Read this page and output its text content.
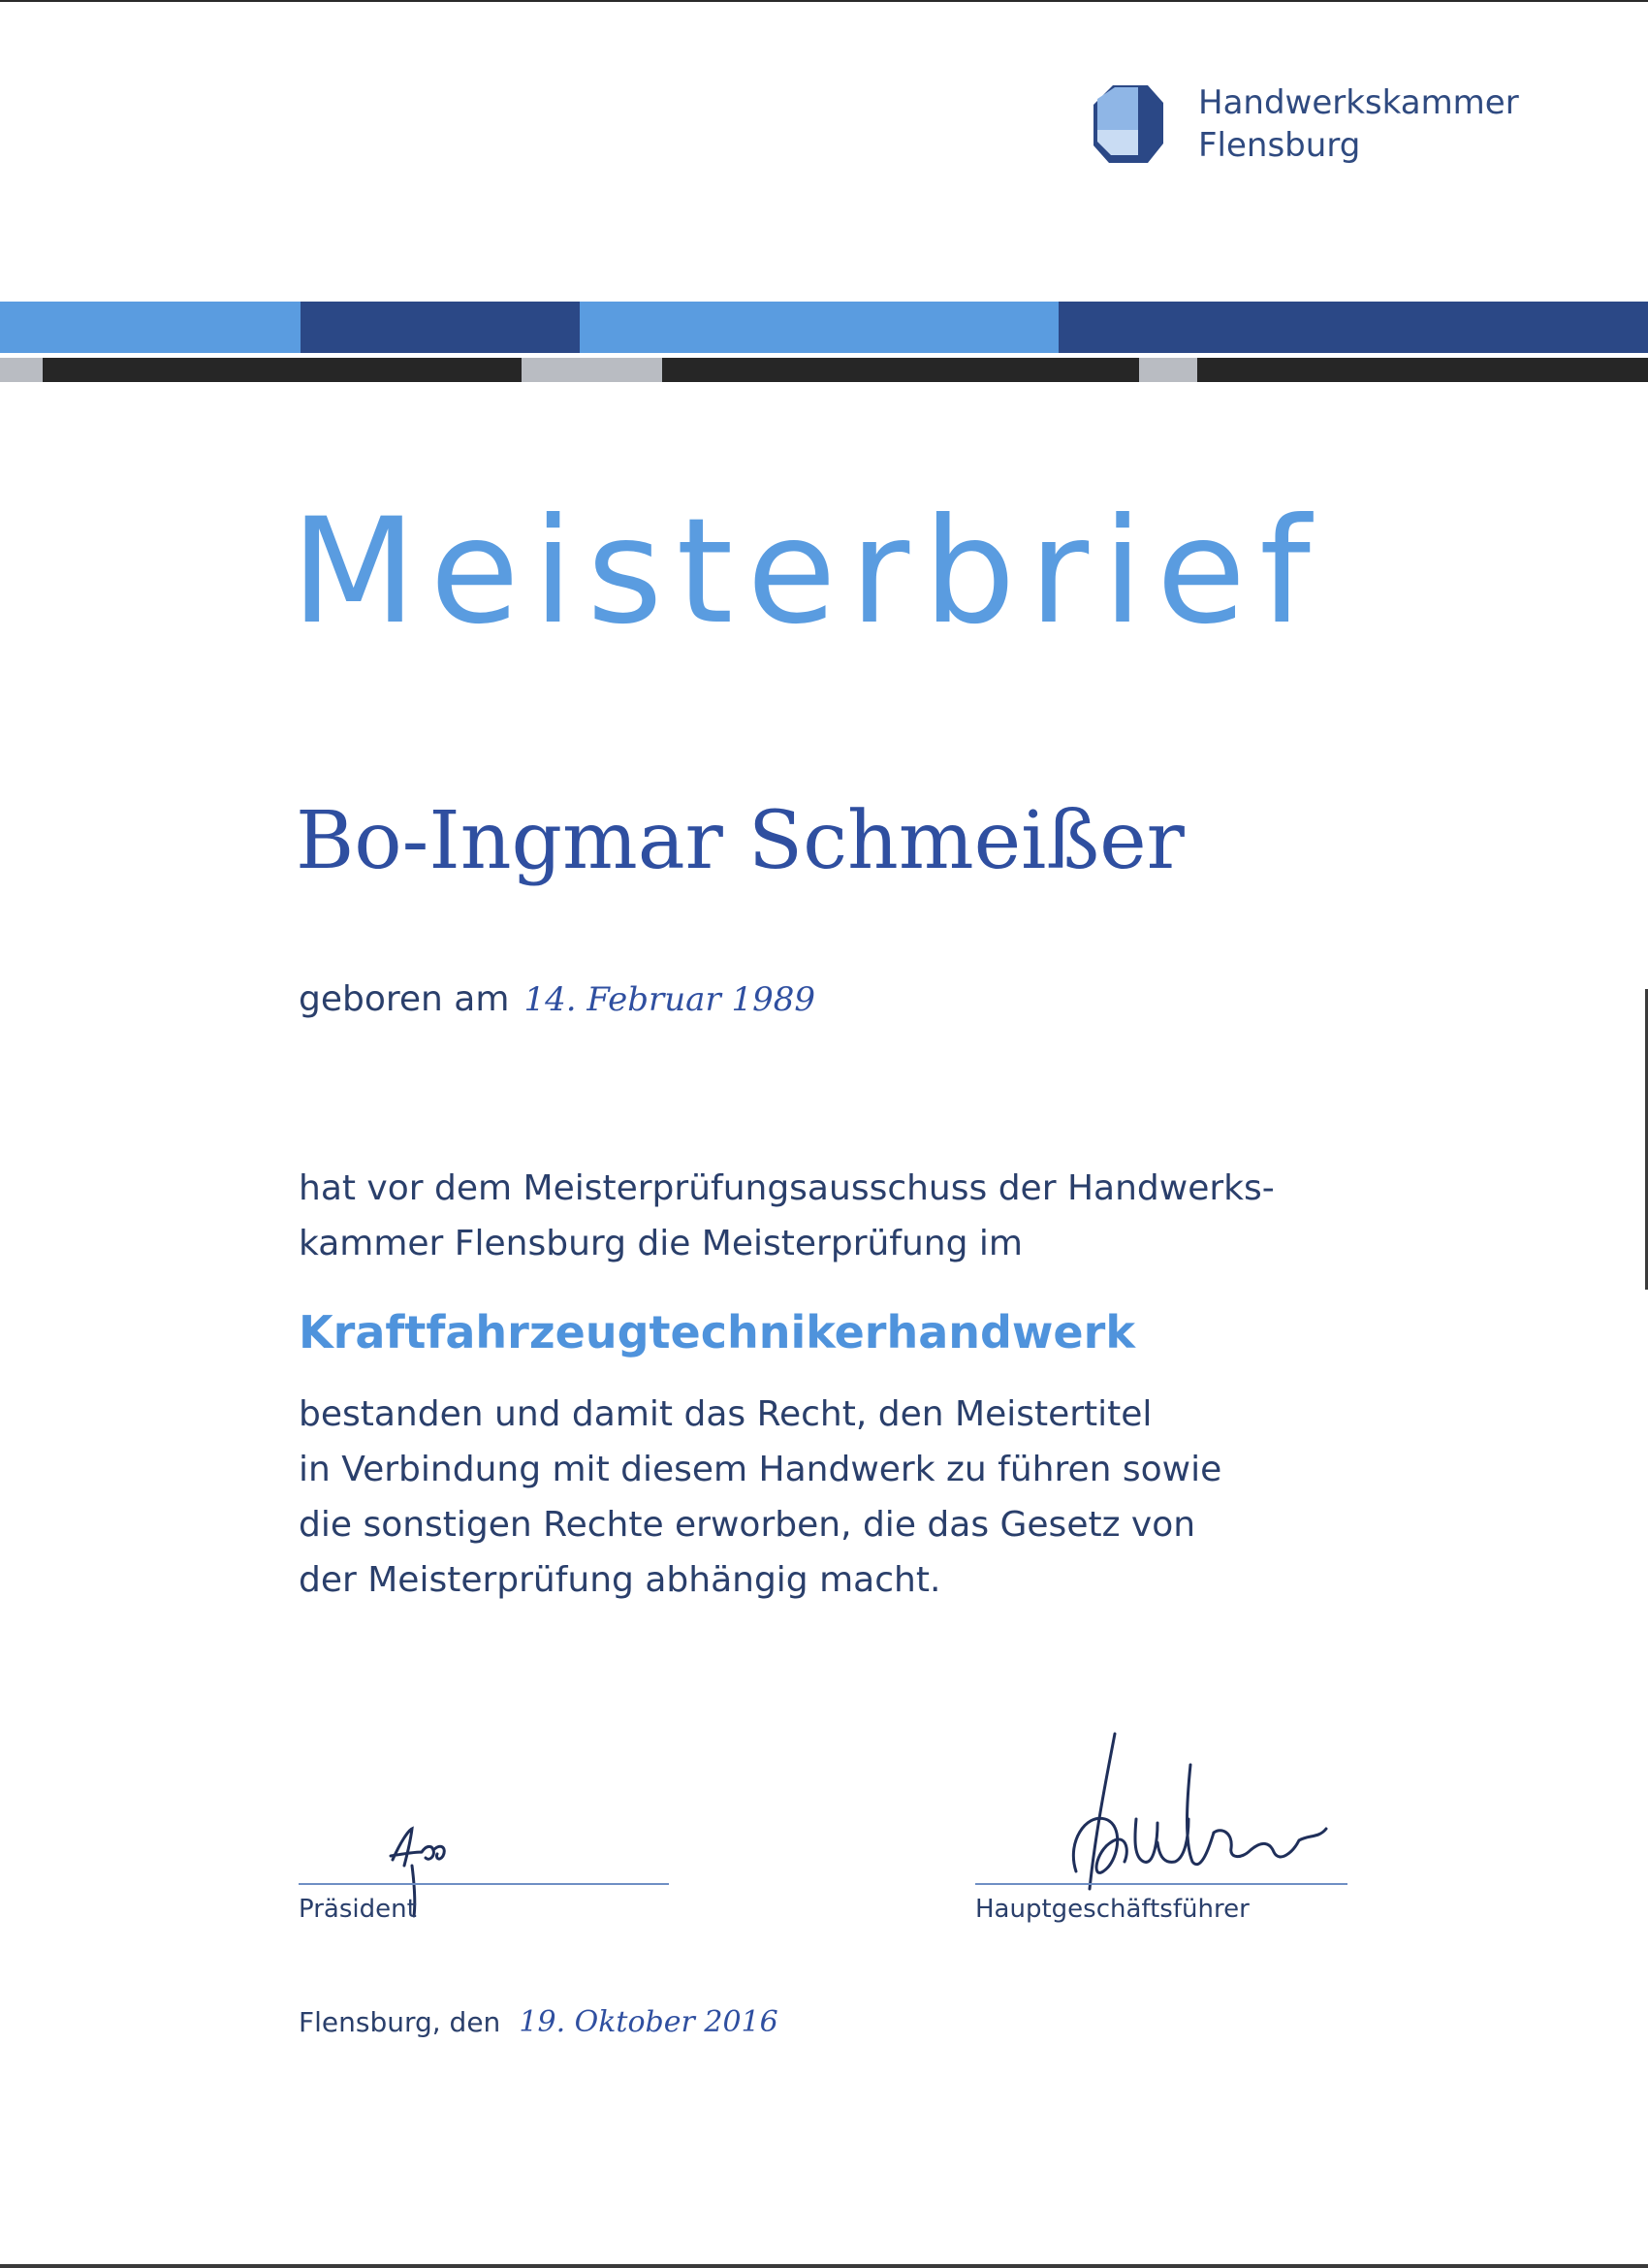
Handwerkskammer
Flensburg
Meisterbrief
Bo-Ingmar Schmeißer
geboren am 14. Februar 1989
hat vor dem Meisterprüfungsausschuss der Handwerks-
kammer Flensburg die Meisterprüfung im
Kraftfahrzeugtechnikerhandwerk
bestanden und damit das Recht, den Meistertitel
in Verbindung mit diesem Handwerk zu führen sowie
die sonstigen Rechte erworben, die das Gesetz von
der Meisterprüfung abhängig macht.
Präsident	Hauptgeschäftsführer
Flensburg, den 19. Oktober 2016
